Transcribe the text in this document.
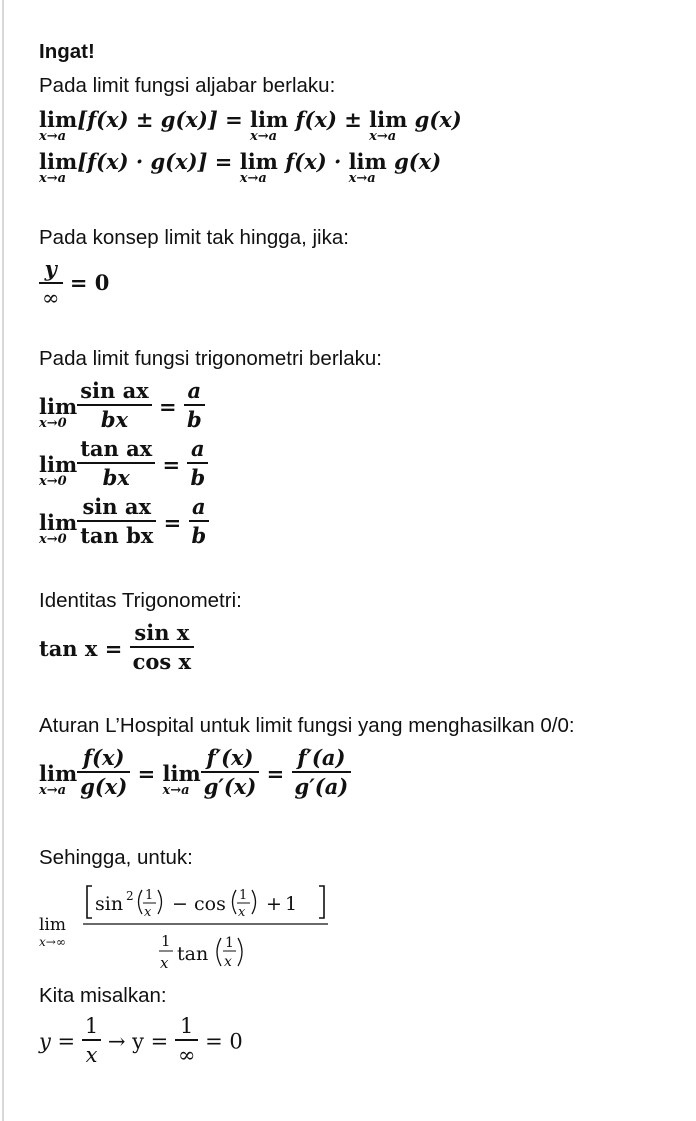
Ingat!
Pada limit fungsi aljabar berlaku:
lim
x→a
[f(x) ± g(x)] = lim
x→a
f(x) ± lim
x→a
g(x)
lim
x→a
[f(x) · g(x)] = lim
x→a
f(x) · lim
x→a
g(x)
Pada konsep limit tak hingga, jika:
$\frac{y}{\infty} = 0$
Pada limit fungsi trigonometri berlaku:
lim
$x\to 0 \frac{\text{sin ax}}{bx} = \frac{a}{b}$
lim
$x\to 0 \frac{\text{tan ax}}{bx} = \frac{a}{b}$
lim
$x\to 0 \frac{\text{sin ax}}{\text{tan bx}} = \frac{a}{b}$
Identitas Trigonometri:
$\tan x = \frac{\text{sin x}}{\text{cos x}}$
Aturan L’Hospital untuk limit fungsi yang menghasilkan 0/0:
lim
$x\to a \frac{f(x)}{g(x)} = \lim$
$x\to a \frac{f'(x)}{g'(x)} = \frac{f'(a)}{g'(a)}$
Sehingga, untuk:
lim
x→∞
sin 2 1
x − cos 1
x + 1
1
x tan 1
x
Kita misalkan:
$y = \frac{1}{x} \to y = \frac{1}{\infty} = 0$
